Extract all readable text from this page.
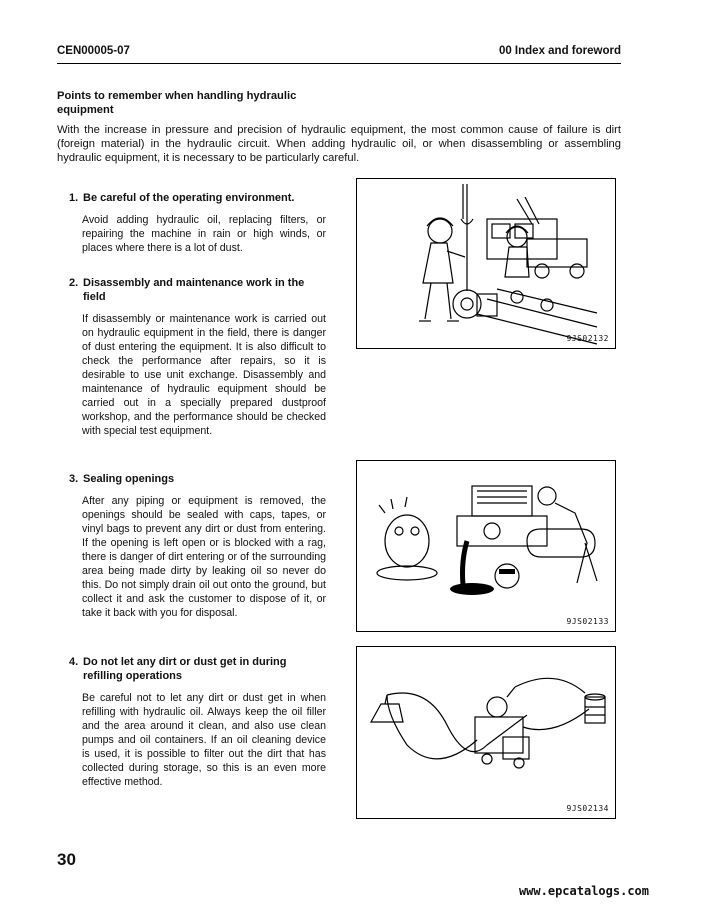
CEN00005-07	00 Index and foreword
Points to remember when handling hydraulic equipment
With the increase in pressure and precision of hydraulic equipment, the most common cause of failure is dirt (foreign material) in the hydraulic circuit. When adding hydraulic oil, or when disassembling or assembling hydraulic equipment, it is necessary to be particularly careful.
1. Be careful of the operating environment.
Avoid adding hydraulic oil, replacing filters, or repairing the machine in rain or high winds, or places where there is a lot of dust.
2. Disassembly and maintenance work in the field
If disassembly or maintenance work is carried out on hydraulic equipment in the field, there is danger of dust entering the equipment. It is also difficult to check the performance after repairs, so it is desirable to use unit exchange. Disassembly and maintenance of hydraulic equipment should be carried out in a specially prepared dustproof workshop, and the performance should be checked with special test equipment.
3. Sealing openings
After any piping or equipment is removed, the openings should be sealed with caps, tapes, or vinyl bags to prevent any dirt or dust from entering. If the opening is left open or is blocked with a rag, there is danger of dirt entering or of the surrounding area being made dirty by leaking oil so never do this. Do not simply drain oil out onto the ground, but collect it and ask the customer to dispose of it, or take it back with you for disposal.
4. Do not let any dirt or dust get in during refilling operations
Be careful not to let any dirt or dust get in when refilling with hydraulic oil. Always keep the oil filler and the area around it clean, and also use clean pumps and oil containers. If an oil cleaning device is used, it is possible to filter out the dirt that has collected during storage, so this is an even more effective method.
9JS02132
9JS02133
9JS02134
30
www.epcatalogs.com
